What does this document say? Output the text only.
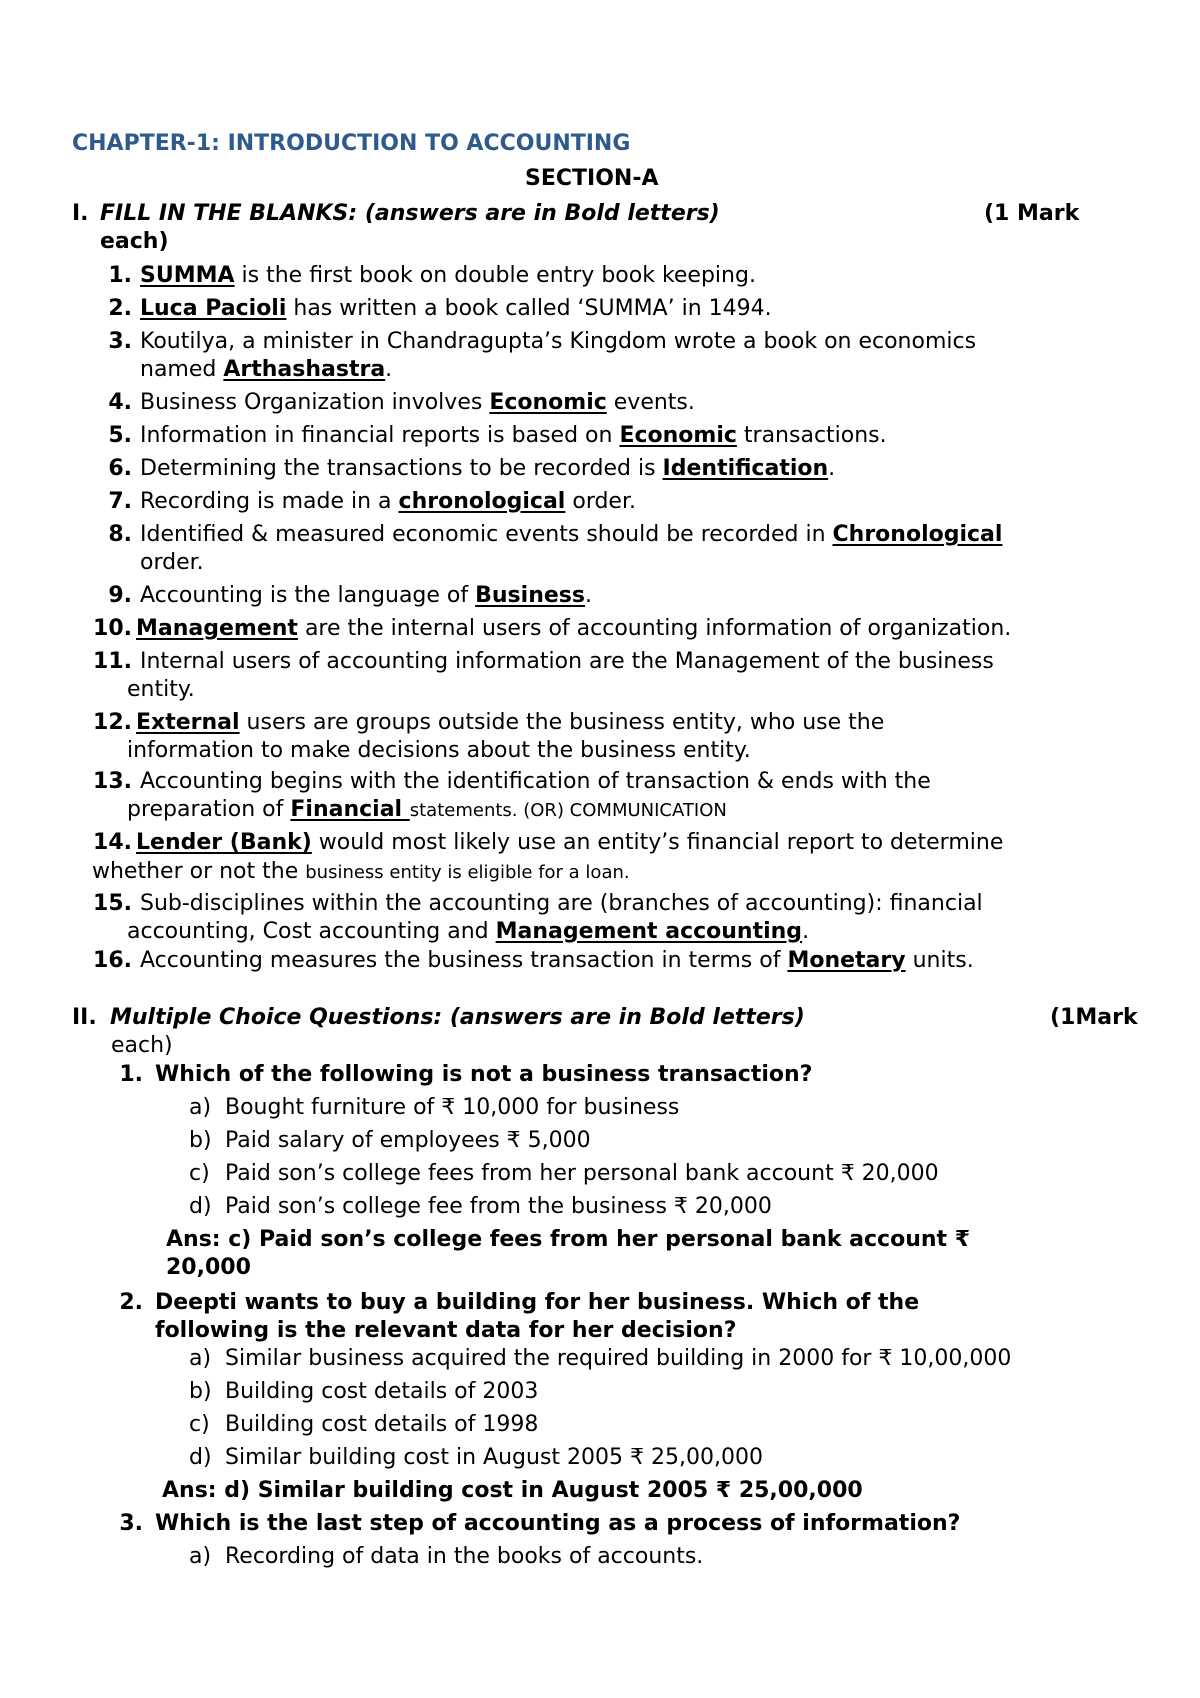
CHAPTER-1: INTRODUCTION TO ACCOUNTING
SECTION-A
I. FILL IN THE BLANKS: (answers are in Bold letters)	(1 Mark
each)
1. SUMMA is the first book on double entry book keeping.
2. Luca Pacioli has written a book called ‘SUMMA’ in 1494.
3. Koutilya, a minister in Chandragupta’s Kingdom wrote a book on economics
named Arthashastra.
4. Business Organization involves Economic events.
5. Information in financial reports is based on Economic transactions.
6. Determining the transactions to be recorded is Identification.
7. Recording is made in a chronological order.
8. Identified & measured economic events should be recorded in Chronological
order.
9. Accounting is the language of Business.
10. Management are the internal users of accounting information of organization.
11. Internal users of accounting information are the Management of the business
entity.
12. External users are groups outside the business entity, who use the
information to make decisions about the business entity.
13. Accounting begins with the identification of transaction & ends with the
preparation of Financial statements. (OR) COMMUNICATION
14. Lender (Bank) would most likely use an entity’s financial report to determine
whether or not the business entity is eligible for a loan.
15. Sub-disciplines within the accounting are (branches of accounting): financial
accounting, Cost accounting and Management accounting.
16. Accounting measures the business transaction in terms of Monetary units.
II. Multiple Choice Questions: (answers are in Bold letters)	(1Mark
each)
1. Which of the following is not a business transaction?
a) Bought furniture of ₹ 10,000 for business
b) Paid salary of employees ₹ 5,000
c) Paid son’s college fees from her personal bank account ₹ 20,000
d) Paid son’s college fee from the business ₹ 20,000
Ans: c) Paid son’s college fees from her personal bank account ₹
20,000
2. Deepti wants to buy a building for her business. Which of the
following is the relevant data for her decision?
a) Similar business acquired the required building in 2000 for ₹ 10,00,000
b) Building cost details of 2003
c) Building cost details of 1998
d) Similar building cost in August 2005 ₹ 25,00,000
Ans: d) Similar building cost in August 2005 ₹ 25,00,000
3. Which is the last step of accounting as a process of information?
a) Recording of data in the books of accounts.
